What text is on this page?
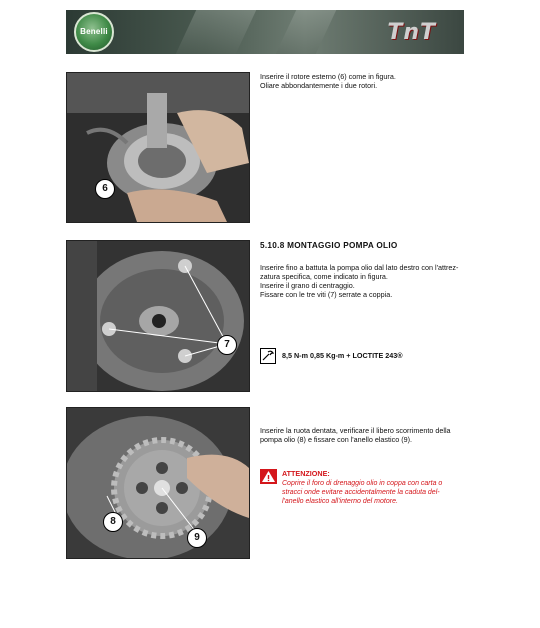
Benelli	TnT
6
Inserire il rotore esterno (6) come in figura.
Oliare abbondantemente i due rotori.
7
5.10.8 MONTAGGIO POMPA OLIO
Inserire fino a battuta la pompa olio dal lato destro con l'attrez-
zatura specifica, come indicato in figura.
Inserire il grano di centraggio.
Fissare con le tre viti (7) serrate a coppia.
8,5 N-m 0,85 Kg-m + LOCTITE 243®
8
9
Inserire la ruota dentata, verificare il libero scorrimento della
pompa olio (8) e fissare con l'anello elastico (9).
ATTENZIONE:
Coprire il foro di drenaggio olio in coppa con carta o
stracci onde evitare accidentalmente la caduta del-
l'anello elastico all'interno del motore.
